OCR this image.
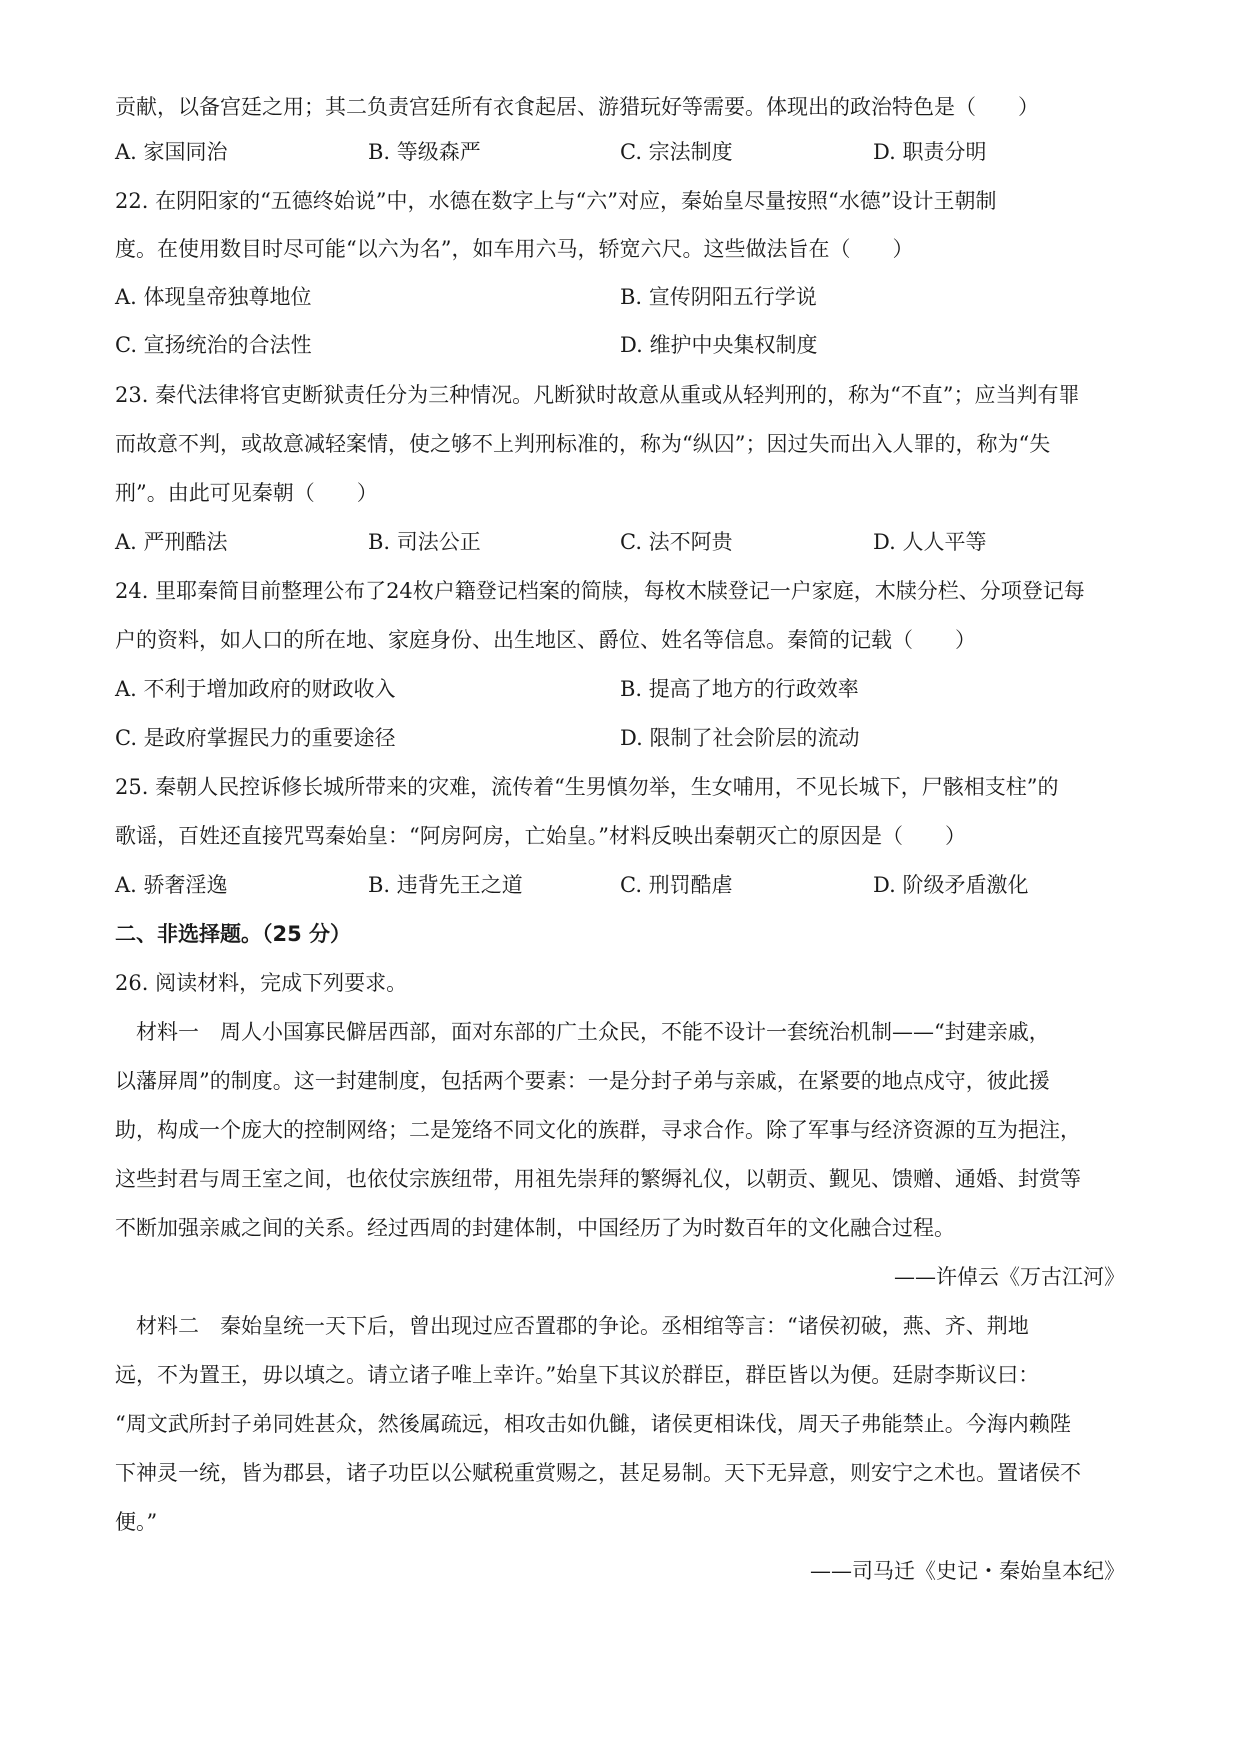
贡献，以备宫廷之用；其二负责宫廷所有衣食起居、游猎玩好等需要。体现出的政治特色是（　　）
A. 家国同治	B. 等级森严	C. 宗法制度	D. 职责分明
22. 在阴阳家的“五德终始说”中，水德在数字上与“六”对应，秦始皇尽量按照“水德”设计王朝制
度。在使用数目时尽可能“以六为名”，如车用六马，轿宽六尺。这些做法旨在（　　）
A. 体现皇帝独尊地位	B. 宣传阴阳五行学说
C. 宣扬统治的合法性	D. 维护中央集权制度
23. 秦代法律将官吏断狱责任分为三种情况。凡断狱时故意从重或从轻判刑的，称为“不直”；应当判有罪
而故意不判，或故意减轻案情，使之够不上判刑标准的，称为“纵囚”；因过失而出入人罪的，称为“失
刑”。由此可见秦朝（　　）
A. 严刑酷法	B. 司法公正	C. 法不阿贵	D. 人人平等
24. 里耶秦简目前整理公布了24枚户籍登记档案的简牍，每枚木牍登记一户家庭，木牍分栏、分项登记每
户的资料，如人口的所在地、家庭身份、出生地区、爵位、姓名等信息。秦简的记载（　　）
A. 不利于增加政府的财政收入	B. 提高了地方的行政效率
C. 是政府掌握民力的重要途径	D. 限制了社会阶层的流动
25. 秦朝人民控诉修长城所带来的灾难，流传着“生男慎勿举，生女哺用，不见长城下，尸骸相支柱”的
歌谣，百姓还直接咒骂秦始皇：“阿房阿房，亡始皇。”材料反映出秦朝灭亡的原因是（　　）
A. 骄奢淫逸	B. 违背先王之道	C. 刑罚酷虐	D. 阶级矛盾激化
二、非选择题。（25 分）
26. 阅读材料，完成下列要求。
　材料一　周人小国寡民僻居西部，面对东部的广土众民，不能不设计一套统治机制——“封建亲戚，
以藩屏周”的制度。这一封建制度，包括两个要素：一是分封子弟与亲戚，在紧要的地点戍守，彼此援
助，构成一个庞大的控制网络；二是笼络不同文化的族群，寻求合作。除了军事与经济资源的互为挹注，
这些封君与周王室之间，也依仗宗族纽带，用祖先崇拜的繁缛礼仪，以朝贡、觐见、馈赠、通婚、封赏等
不断加强亲戚之间的关系。经过西周的封建体制，中国经历了为时数百年的文化融合过程。
——许倬云《万古江河》
　材料二　秦始皇统一天下后，曾出现过应否置郡的争论。丞相绾等言：“诸侯初破，燕、齐、荆地
远，不为置王，毋以填之。请立诸子唯上幸许。”始皇下其议於群臣，群臣皆以为便。廷尉李斯议曰：
“周文武所封子弟同姓甚众，然後属疏远，相攻击如仇雠，诸侯更相诛伐，周天子弗能禁止。今海内赖陛
下神灵一统，皆为郡县，诸子功臣以公赋税重赏赐之，甚足易制。天下无异意，则安宁之术也。置诸侯不
便。”
——司马迁《史记・秦始皇本纪》
